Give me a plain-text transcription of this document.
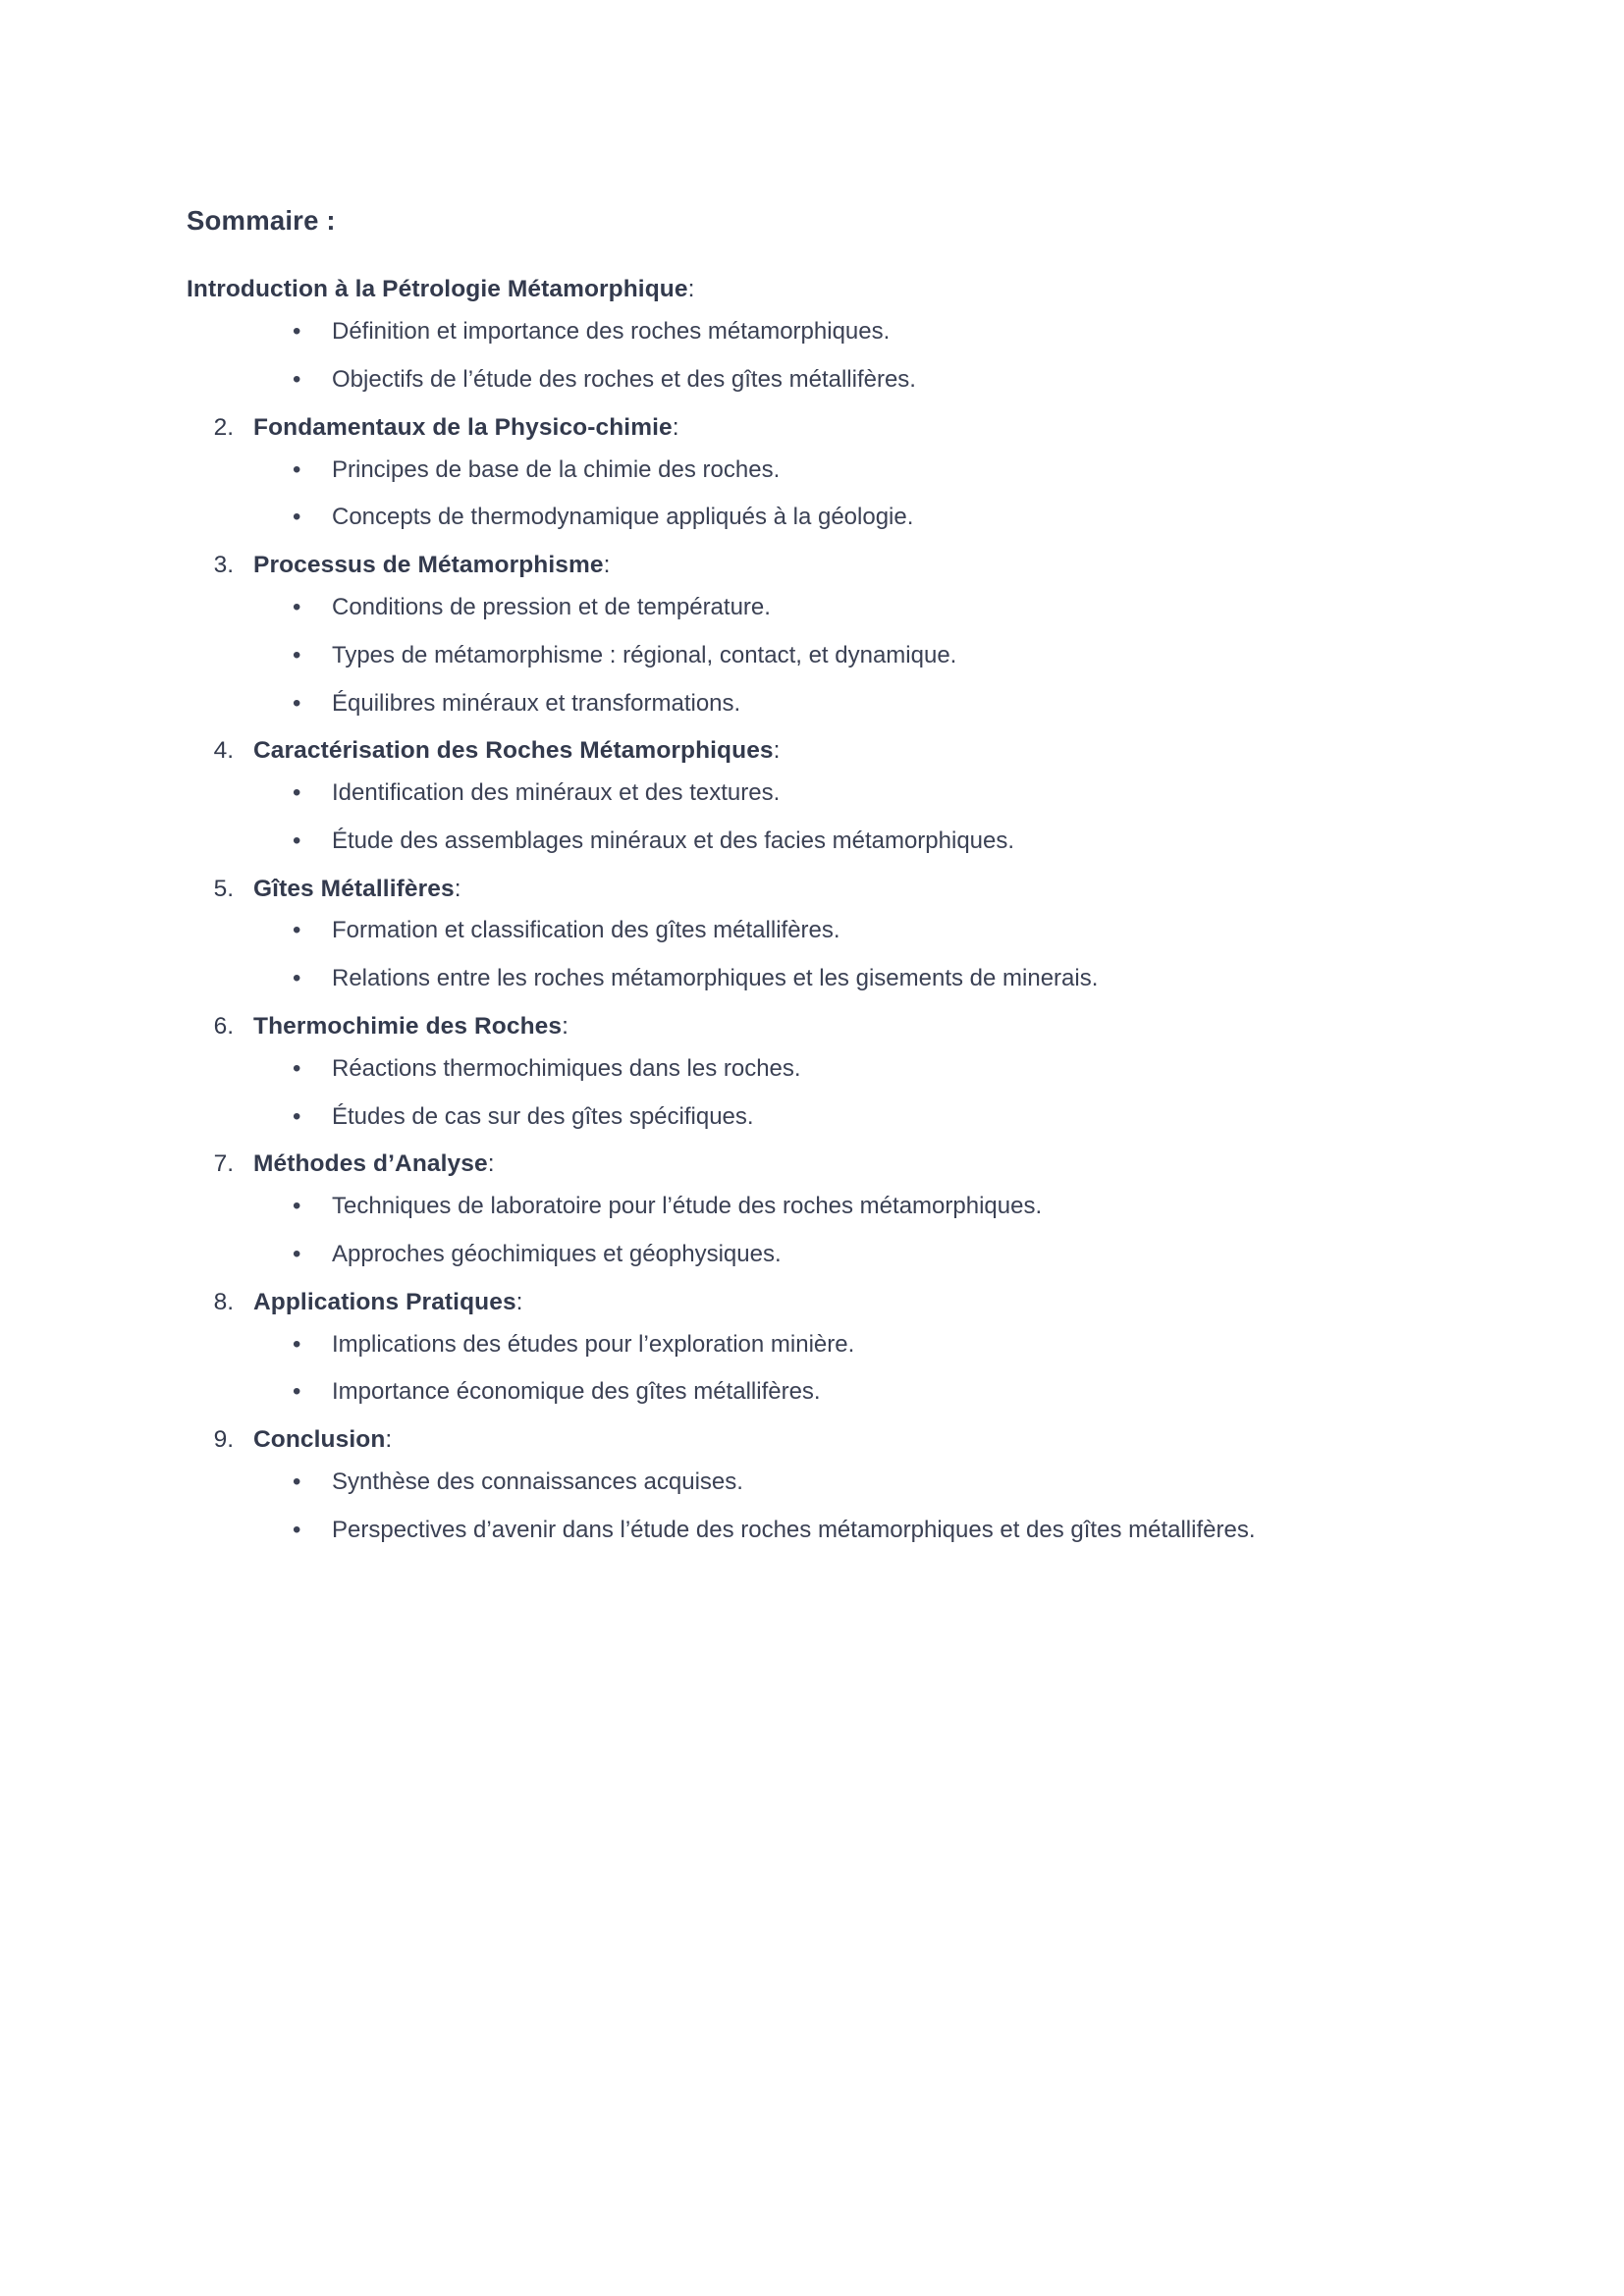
Sommaire :
Introduction à la Pétrologie Métamorphique:
• Définition et importance des roches métamorphiques.
• Objectifs de l’étude des roches et des gîtes métallifères.
2. Fondamentaux de la Physico-chimie:
• Principes de base de la chimie des roches.
• Concepts de thermodynamique appliqués à la géologie.
3. Processus de Métamorphisme:
• Conditions de pression et de température.
• Types de métamorphisme : régional, contact, et dynamique.
• Équilibres minéraux et transformations.
4. Caractérisation des Roches Métamorphiques:
• Identification des minéraux et des textures.
• Étude des assemblages minéraux et des facies métamorphiques.
5. Gîtes Métallifères:
• Formation et classification des gîtes métallifères.
• Relations entre les roches métamorphiques et les gisements de minerais.
6. Thermochimie des Roches:
• Réactions thermochimiques dans les roches.
• Études de cas sur des gîtes spécifiques.
7. Méthodes d’Analyse:
• Techniques de laboratoire pour l’étude des roches métamorphiques.
• Approches géochimiques et géophysiques.
8. Applications Pratiques:
• Implications des études pour l’exploration minière.
• Importance économique des gîtes métallifères.
9. Conclusion:
• Synthèse des connaissances acquises.
• Perspectives d’avenir dans l’étude des roches métamorphiques et des gîtes métallifères.
